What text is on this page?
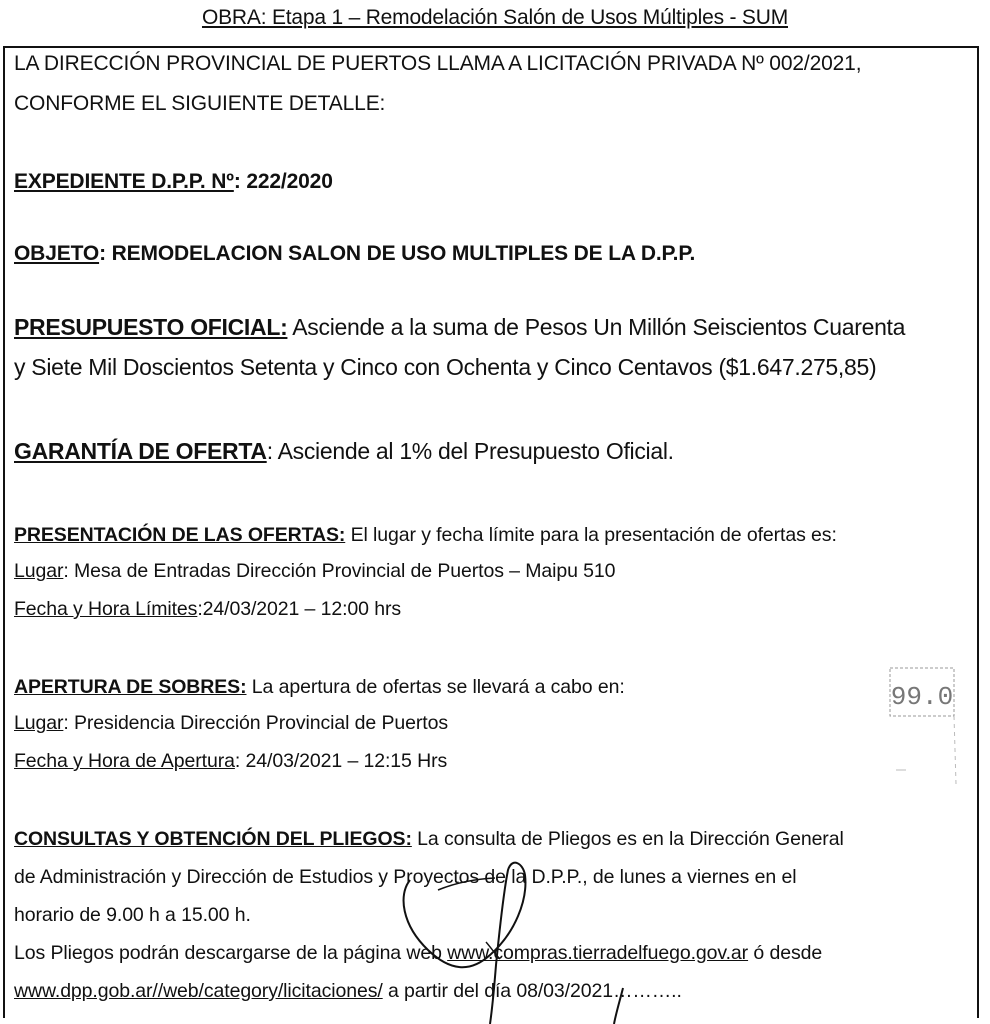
OBRA: Etapa 1 – Remodelación Salón de Usos Múltiples - SUM
LA DIRECCIÓN PROVINCIAL DE PUERTOS LLAMA A LICITACIÓN PRIVADA Nº 002/2021,
CONFORME EL SIGUIENTE DETALLE:
EXPEDIENTE D.P.P. Nº: 222/2020
OBJETO: REMODELACION SALON DE USO MULTIPLES DE LA D.P.P.
PRESUPUESTO OFICIAL: Asciende a la suma de Pesos Un Millón Seiscientos Cuarenta
y Siete Mil Doscientos Setenta y Cinco con Ochenta y Cinco Centavos ($1.647.275,85)
GARANTÍA DE OFERTA: Asciende al 1% del Presupuesto Oficial.
PRESENTACIÓN DE LAS OFERTAS: El lugar y fecha límite para la presentación de ofertas es:
Lugar: Mesa de Entradas Dirección Provincial de Puertos – Maipu 510
Fecha y Hora Límites:24/03/2021 – 12:00 hrs
APERTURA DE SOBRES: La apertura de ofertas se llevará a cabo en:
Lugar: Presidencia Dirección Provincial de Puertos
Fecha y Hora de Apertura: 24/03/2021 – 12:15 Hrs
CONSULTAS Y OBTENCIÓN DEL PLIEGOS: La consulta de Pliegos es en la Dirección General
de Administración y Dirección de Estudios y Proyectos de la D.P.P., de lunes a viernes en el
horario de 9.00 h a 15.00 h.
Los Pliegos podrán descargarse de la página web www.compras.tierradelfuego.gov.ar ó desde
www.dpp.gob.ar//web/category/licitaciones/ a partir del día 08/03/2021………..
99.0
